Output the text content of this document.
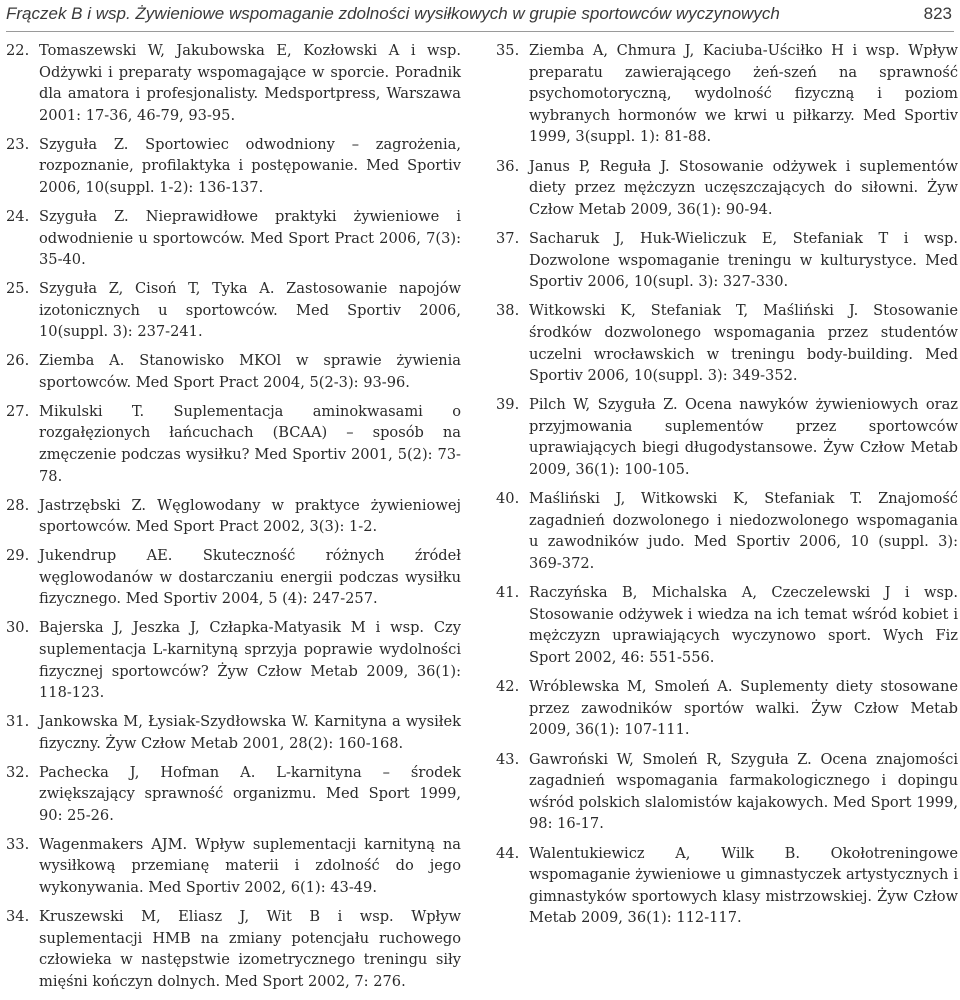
Frączek B i wsp. Żywieniowe wspomaganie zdolności wysiłkowych w grupie sportowców wyczynowych	823
22. Tomaszewski W, Jakubowska E, Kozłowski A i wsp. Odżywki i preparaty wspomagające w sporcie. Poradnik dla amatora i profesjonalisty. Medsportpress, Warszawa 2001: 17-36, 46-79, 93-95.
23. Szyguła Z. Sportowiec odwodniony – zagrożenia, rozpoznanie, profilaktyka i postępowanie. Med Sportiv 2006, 10(suppl. 1-2): 136-137.
24. Szyguła Z. Nieprawidłowe praktyki żywieniowe i odwodnienie u sportowców. Med Sport Pract 2006, 7(3): 35-40.
25. Szyguła Z, Cisoń T, Tyka A. Zastosowanie napojów izotonicznych u sportowców. Med Sportiv 2006, 10(suppl. 3): 237-241.
26. Ziemba A. Stanowisko MKOl w sprawie żywienia sportowców. Med Sport Pract 2004, 5(2-3): 93-96.
27. Mikulski T. Suplementacja aminokwasami o rozgałęzionych łańcuchach (BCAA) – sposób na zmęczenie podczas wysiłku? Med Sportiv 2001, 5(2): 73-78.
28. Jastrzębski Z. Węglowodany w praktyce żywieniowej sportowców. Med Sport Pract 2002, 3(3): 1-2.
29. Jukendrup AE. Skuteczność różnych źródeł węglowodanów w dostarczaniu energii podczas wysiłku fizycznego. Med Sportiv 2004, 5 (4): 247-257.
30. Bajerska J, Jeszka J, Człapka-Matyasik M i wsp. Czy suplementacja L-karnityną sprzyja poprawie wydolności fizycznej sportowców? Żyw Człow Metab 2009, 36(1): 118-123.
31. Jankowska M, Łysiak-Szydłowska W. Karnityna a wysiłek fizyczny. Żyw Człow Metab 2001, 28(2): 160-168.
32. Pachecka J, Hofman A. L-karnityna – środek zwiększający sprawność organizmu. Med Sport 1999, 90: 25-26.
33. Wagenmakers AJM. Wpływ suplementacji karnityną na wysiłkową przemianę materii i zdolność do jego wykonywania. Med Sportiv 2002, 6(1): 43-49.
34. Kruszewski M, Eliasz J, Wit B i wsp. Wpływ suplementacji HMB na zmiany potencjału ruchowego człowieka w następstwie izometrycznego treningu siły mięśni kończyn dolnych. Med Sport 2002, 7: 276.
35. Ziemba A, Chmura J, Kaciuba-Uściłko H i wsp. Wpływ preparatu zawierającego żeń-szeń na sprawność psychomotoryczną, wydolność fizyczną i poziom wybranych hormonów we krwi u piłkarzy. Med Sportiv 1999, 3(suppl. 1): 81-88.
36. Janus P, Reguła J. Stosowanie odżywek i suplementów diety przez mężczyzn uczęszczających do siłowni. Żyw Człow Metab 2009, 36(1): 90-94.
37. Sacharuk J, Huk-Wieliczuk E, Stefaniak T i wsp. Dozwolone wspomaganie treningu w kulturystyce. Med Sportiv 2006, 10(supl. 3): 327-330.
38. Witkowski K, Stefaniak T, Maśliński J. Stosowanie środków dozwolonego wspomagania przez studentów uczelni wrocławskich w treningu body-building. Med Sportiv 2006, 10(suppl. 3): 349-352.
39. Pilch W, Szyguła Z. Ocena nawyków żywieniowych oraz przyjmowania suplementów przez sportowców uprawiających biegi długodystansowe. Żyw Człow Metab 2009, 36(1): 100-105.
40. Maśliński J, Witkowski K, Stefaniak T. Znajomość zagadnień dozwolonego i niedozwolonego wspomagania u zawodników judo. Med Sportiv 2006, 10 (suppl. 3): 369-372.
41. Raczyńska B, Michalska A, Czeczelewski J i wsp. Stosowanie odżywek i wiedza na ich temat wśród kobiet i mężczyzn uprawiających wyczynowo sport. Wych Fiz Sport 2002, 46: 551-556.
42. Wróblewska M, Smoleń A. Suplementy diety stosowane przez zawodników sportów walki. Żyw Człow Metab 2009, 36(1): 107-111.
43. Gawroński W, Smoleń R, Szyguła Z. Ocena znajomości zagadnień wspomagania farmakologicznego i dopingu wśród polskich slalomistów kajakowych. Med Sport 1999, 98: 16-17.
44. Walentukiewicz A, Wilk B. Okołotreningowe wspomaganie żywieniowe u gimnastyczek artystycznych i gimnastyków sportowych klasy mistrzowskiej. Żyw Człow Metab 2009, 36(1): 112-117.
